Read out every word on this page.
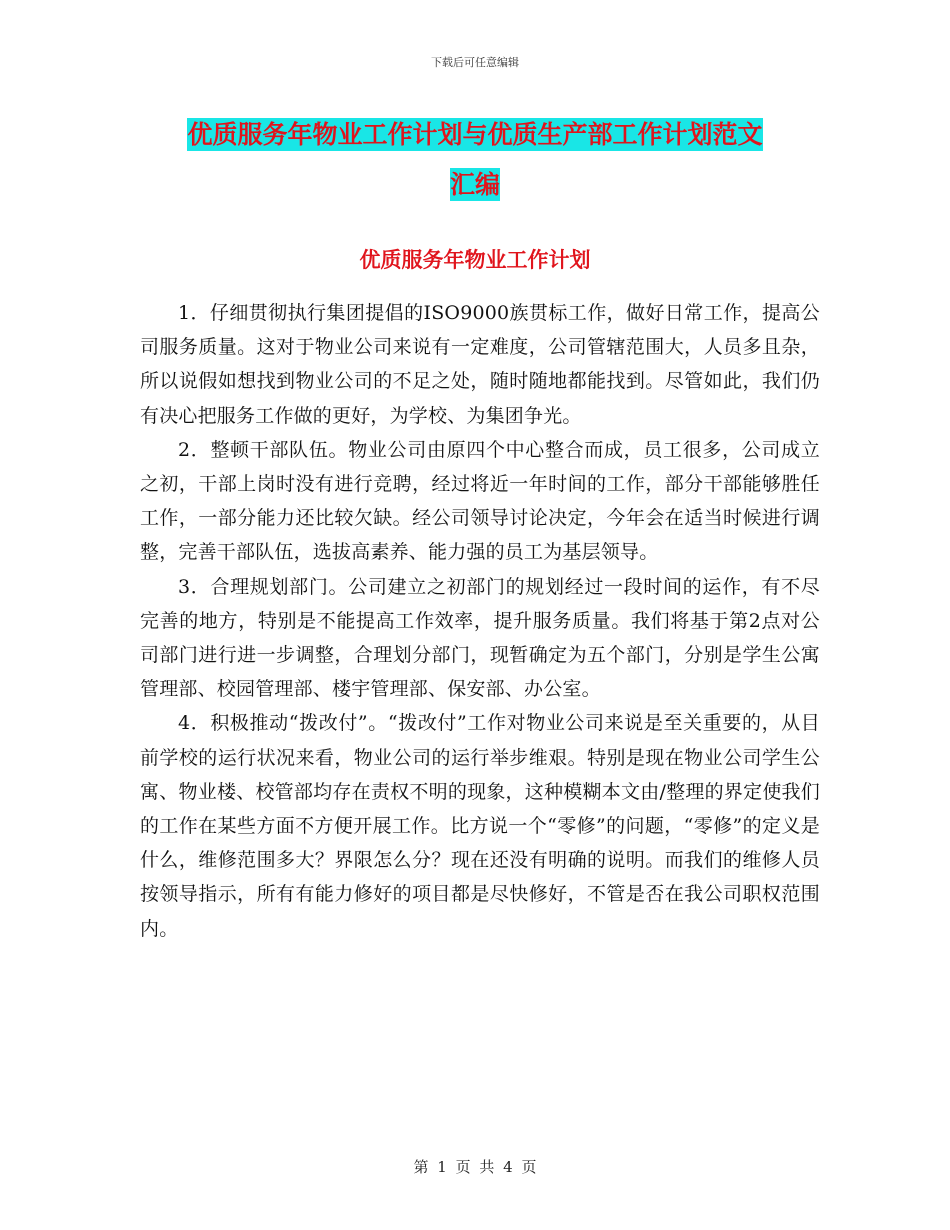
下载后可任意编辑
优质服务年物业工作计划与优质生产部工作计划范文
汇编
优质服务年物业工作计划

1．仔细贯彻执行集团提倡的ISO9000族贯标工作，做好日常工作，提高公司服务质量。这对于物业公司来说有一定难度，公司管辖范围大，人员多且杂，所以说假如想找到物业公司的不足之处，随时随地都能找到。尽管如此，我们仍有决心把服务工作做的更好，为学校、为集团争光。

2．整顿干部队伍。物业公司由原四个中心整合而成，员工很多，公司成立之初，干部上岗时没有进行竞聘，经过将近一年时间的工作，部分干部能够胜任工作，一部分能力还比较欠缺。经公司领导讨论决定，今年会在适当时候进行调整，完善干部队伍，选拔高素养、能力强的员工为基层领导。

3．合理规划部门。公司建立之初部门的规划经过一段时间的运作，有不尽完善的地方，特别是不能提高工作效率，提升服务质量。我们将基于第2点对公司部门进行进一步调整，合理划分部门，现暂确定为五个部门，分别是学生公寓管理部、校园管理部、楼宇管理部、保安部、办公室。

4．积极推动“拨改付”。“拨改付”工作对物业公司来说是至关重要的，从目前学校的运行状况来看，物业公司的运行举步维艰。特别是现在物业公司学生公寓、物业楼、校管部均存在责权不明的现象，这种模糊本文由/整理的界定使我们的工作在某些方面不方便开展工作。比方说一个“零修”的问题，“零修”的定义是什么，维修范围多大？界限怎么分？现在还没有明确的说明。而我们的维修人员按领导指示，所有有能力修好的项目都是尽快修好，不管是否在我公司职权范围内。

第 1 页 共 4 页
